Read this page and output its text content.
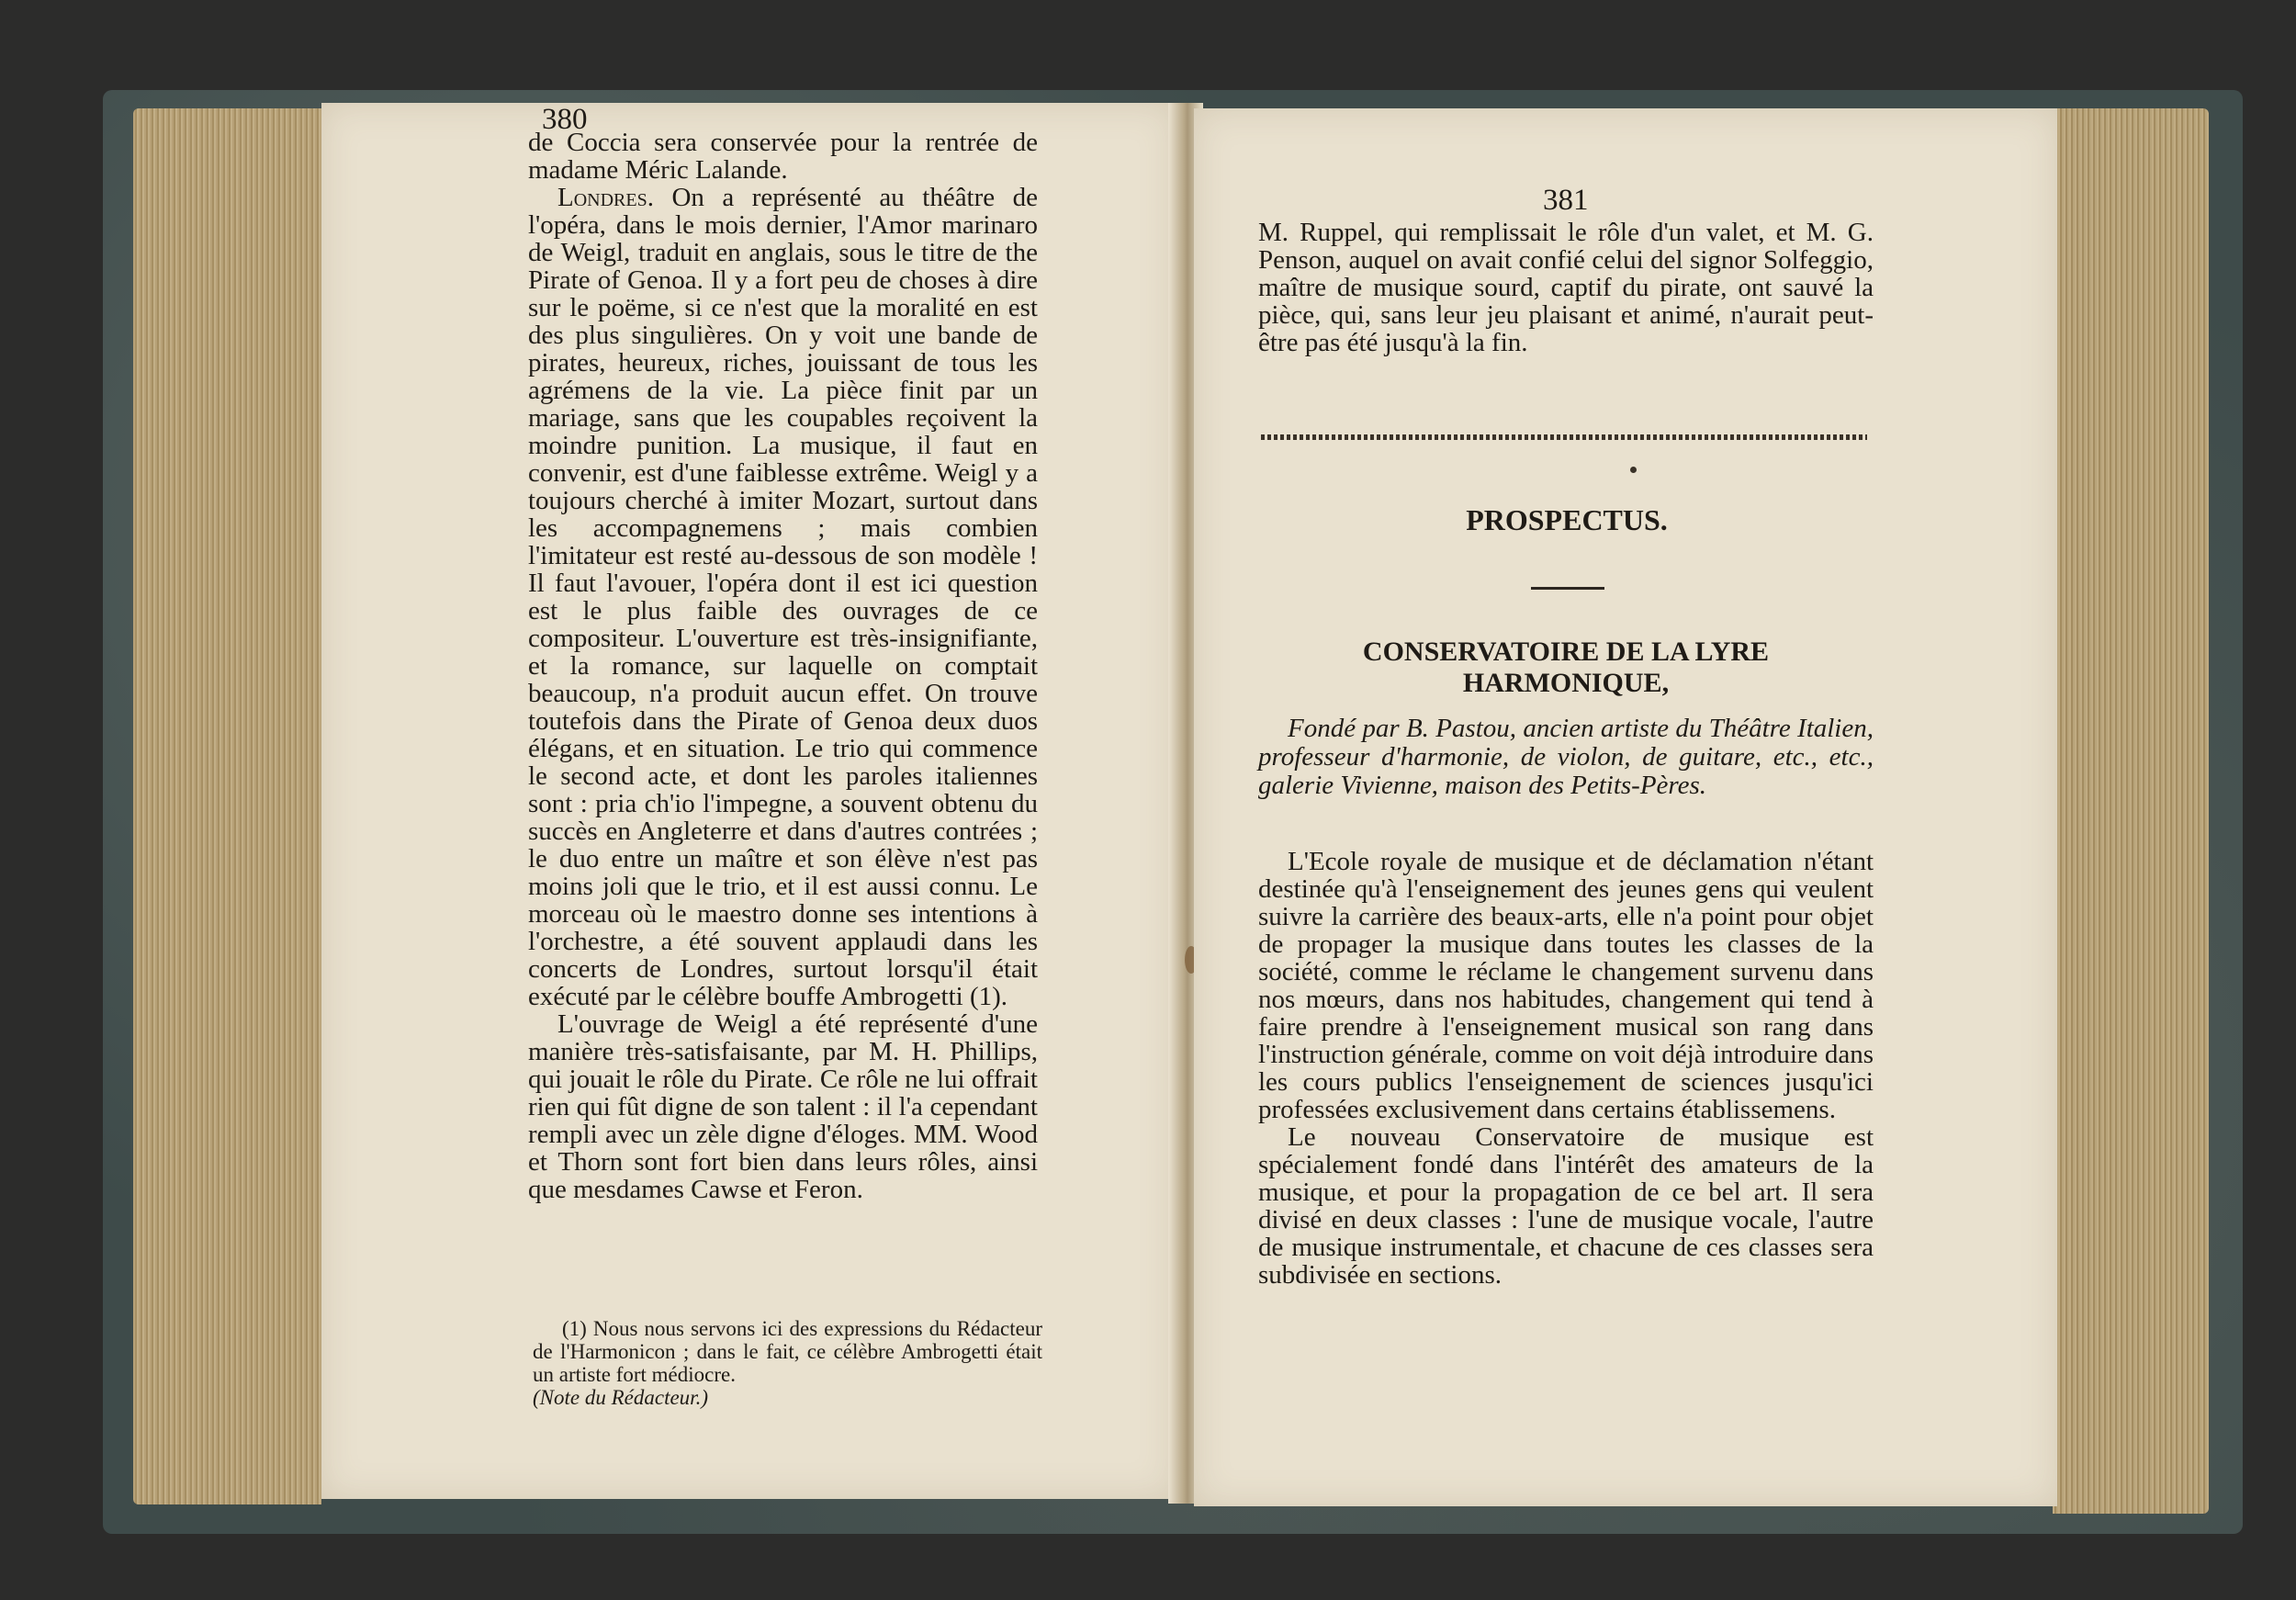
380

de Coccia sera conservée pour la rentrée de madame Méric Lalande.

Londres. On a représenté au théâtre de l'opéra, dans le mois dernier, l'Amor marinaro de Weigl, traduit en anglais, sous le titre de the Pirate of Genoa. Il y a fort peu de choses à dire sur le poëme, si ce n'est que la moralité en est des plus singulières. On y voit une bande de pirates, heureux, riches, jouissant de tous les agrémens de la vie. La pièce finit par un mariage, sans que les coupables reçoivent la moindre punition. La musique, il faut en convenir, est d'une faiblesse extrême. Weigl y a toujours cherché à imiter Mozart, surtout dans les accompagnemens ; mais combien l'imitateur est resté au-dessous de son modèle ! Il faut l'avouer, l'opéra dont il est ici question est le plus faible des ouvrages de ce compositeur. L'ouverture est très-insignifiante, et la romance, sur laquelle on comptait beaucoup, n'a produit aucun effet. On trouve toutefois dans the Pirate of Genoa deux duos élégans, et en situation. Le trio qui commence le second acte, et dont les paroles italiennes sont : pria ch'io l'impegne, a souvent obtenu du succès en Angleterre et dans d'autres contrées ; le duo entre un maître et son élève n'est pas moins joli que le trio, et il est aussi connu. Le morceau où le maestro donne ses intentions à l'orchestre, a été souvent applaudi dans les concerts de Londres, surtout lorsqu'il était exécuté par le célèbre bouffe Ambrogetti (1).

L'ouvrage de Weigl a été représenté d'une manière très-satisfaisante, par M. H. Phillips, qui jouait le rôle du Pirate. Ce rôle ne lui offrait rien qui fût digne de son talent : il l'a cependant rempli avec un zèle digne d'éloges. MM. Wood et Thorn sont fort bien dans leurs rôles, ainsi que mesdames Cawse et Feron.

(1) Nous nous servons ici des expressions du Rédacteur de l'Harmonicon ; dans le fait, ce célèbre Ambrogetti était un artiste fort médiocre.

(Note du Rédacteur.)

381

M. Ruppel, qui remplissait le rôle d'un valet, et M. G. Penson, auquel on avait confié celui del signor Solfeggio, maître de musique sourd, captif du pirate, ont sauvé la pièce, qui, sans leur jeu plaisant et animé, n'aurait peut-être pas été jusqu'à la fin.

PROSPECTUS.
CONSERVATOIRE DE LA LYRE HARMONIQUE,

Fondé par B. Pastou, ancien artiste du Théâtre Italien, professeur d'harmonie, de violon, de guitare, etc., etc., galerie Vivienne, maison des Petits-Pères.

L'Ecole royale de musique et de déclamation n'étant destinée qu'à l'enseignement des jeunes gens qui veulent suivre la carrière des beaux-arts, elle n'a point pour objet de propager la musique dans toutes les classes de la société, comme le réclame le changement survenu dans nos mœurs, dans nos habitudes, changement qui tend à faire prendre à l'enseignement musical son rang dans l'instruction générale, comme on voit déjà introduire dans les cours publics l'enseignement de sciences jusqu'ici professées exclusivement dans certains établissemens.

Le nouveau Conservatoire de musique est spécialement fondé dans l'intérêt des amateurs de la musique, et pour la propagation de ce bel art. Il sera divisé en deux classes : l'une de musique vocale, l'autre de musique instrumentale, et chacune de ces classes sera subdivisée en sections.
